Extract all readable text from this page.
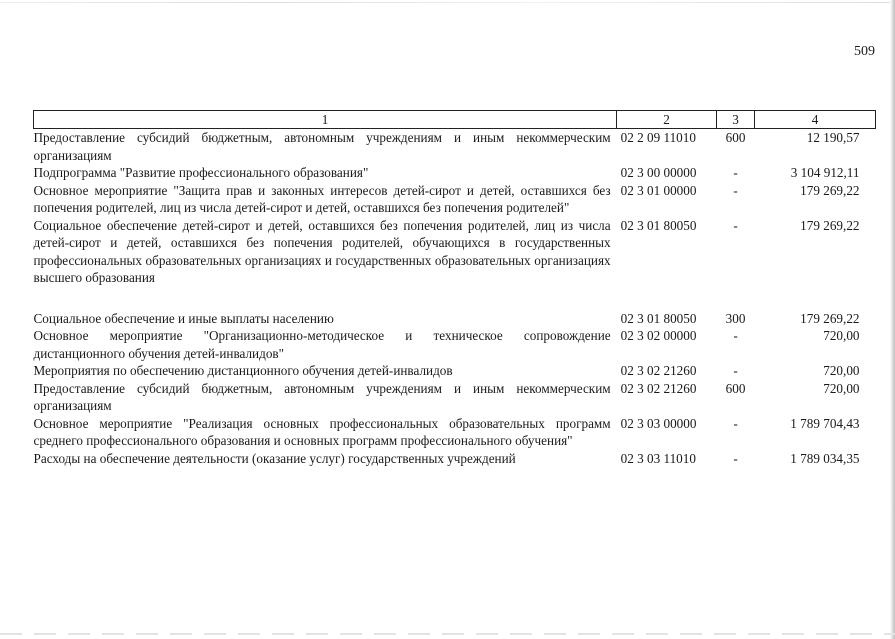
509
1	2	3	4
Предоставление субсидий бюджетным, автономным учреждениям и иным некоммерческим организациям	02 2 09 11010	600	12 190,57
Подпрограмма "Развитие профессионального образования"	02 3 00 00000	-	3 104 912,11
Основное мероприятие "Защита прав и законных интересов детей-сирот и детей, оставшихся без попечения родителей, лиц из числа детей-сирот и детей, оставшихся без попечения родителей"	02 3 01 00000	-	179 269,22
Социальное обеспечение детей-сирот и детей, оставшихся без попечения родителей, лиц из числа детей-сирот и детей, оставшихся без попечения родителей, обучающихся в государственных профессиональных образовательных организациях и государственных образовательных организациях высшего образования	02 3 01 80050	-	179 269,22
Социальное обеспечение и иные выплаты населению	02 3 01 80050	300	179 269,22
Основное мероприятие "Организационно-методическое и техническое сопровождение дистанционного обучения детей-инвалидов"	02 3 02 00000	-	720,00
Мероприятия по обеспечению дистанционного обучения детей-инвалидов	02 3 02 21260	-	720,00
Предоставление субсидий бюджетным, автономным учреждениям и иным некоммерческим организациям	02 3 02 21260	600	720,00
Основное мероприятие "Реализация основных профессиональных образовательных программ среднего профессионального образования и основных программ профессионального обучения"	02 3 03 00000	-	1 789 704,43
Расходы на обеспечение деятельности (оказание услуг) государственных учреждений	02 3 03 11010	-	1 789 034,35
